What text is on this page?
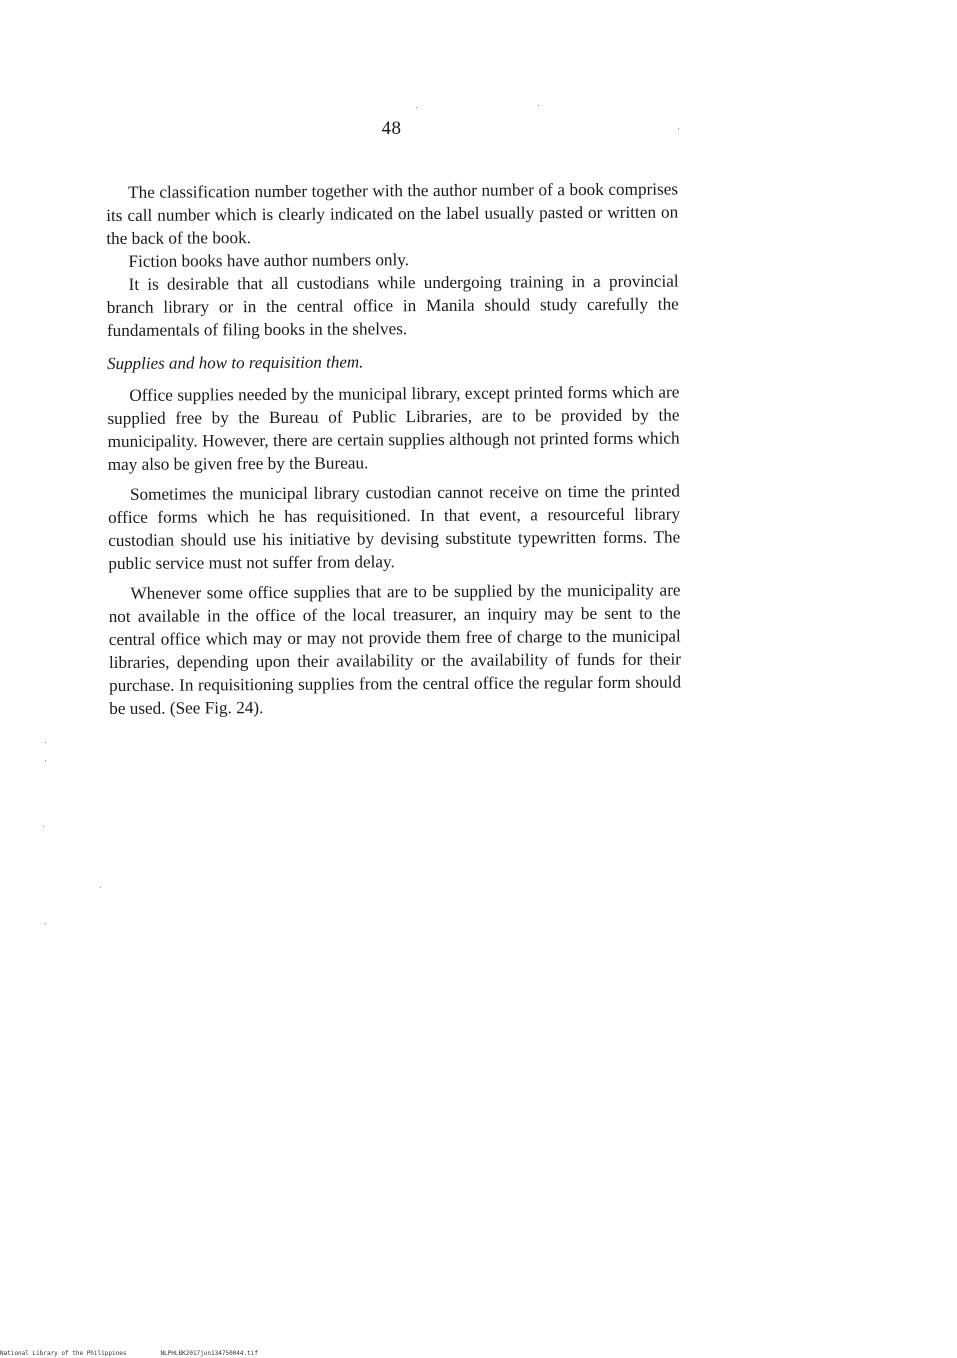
48

The classification number together with the author number of a book comprises its call number which is clearly indicated on the label usually pasted or written on the back of the book.

Fiction books have author numbers only.

It is desirable that all custodians while undergoing training in a provincial branch library or in the central office in Manila should study carefully the fundamentals of filing books in the shelves.

Supplies and how to requisition them.

Office supplies needed by the municipal library, except printed forms which are supplied free by the Bureau of Public Libraries, are to be provided by the municipality. However, there are certain supplies although not printed forms which may also be given free by the Bureau.

Sometimes the municipal library custodian cannot receive on time the printed office forms which he has requisitioned. In that event, a resourceful library custodian should use his initiative by devising substitute typewritten forms. The public service must not suffer from delay.

Whenever some office supplies that are to be supplied by the municipality are not available in the office of the local treasurer, an inquiry may be sent to the central office which may or may not provide them free of charge to the municipal libraries, depending upon their availability or the availability of funds for their purchase. In requisitioning supplies from the central office the regular form should be used. (See Fig. 24).

National Library of the Philippines	NLPHLBK2017jun134750044.tif
